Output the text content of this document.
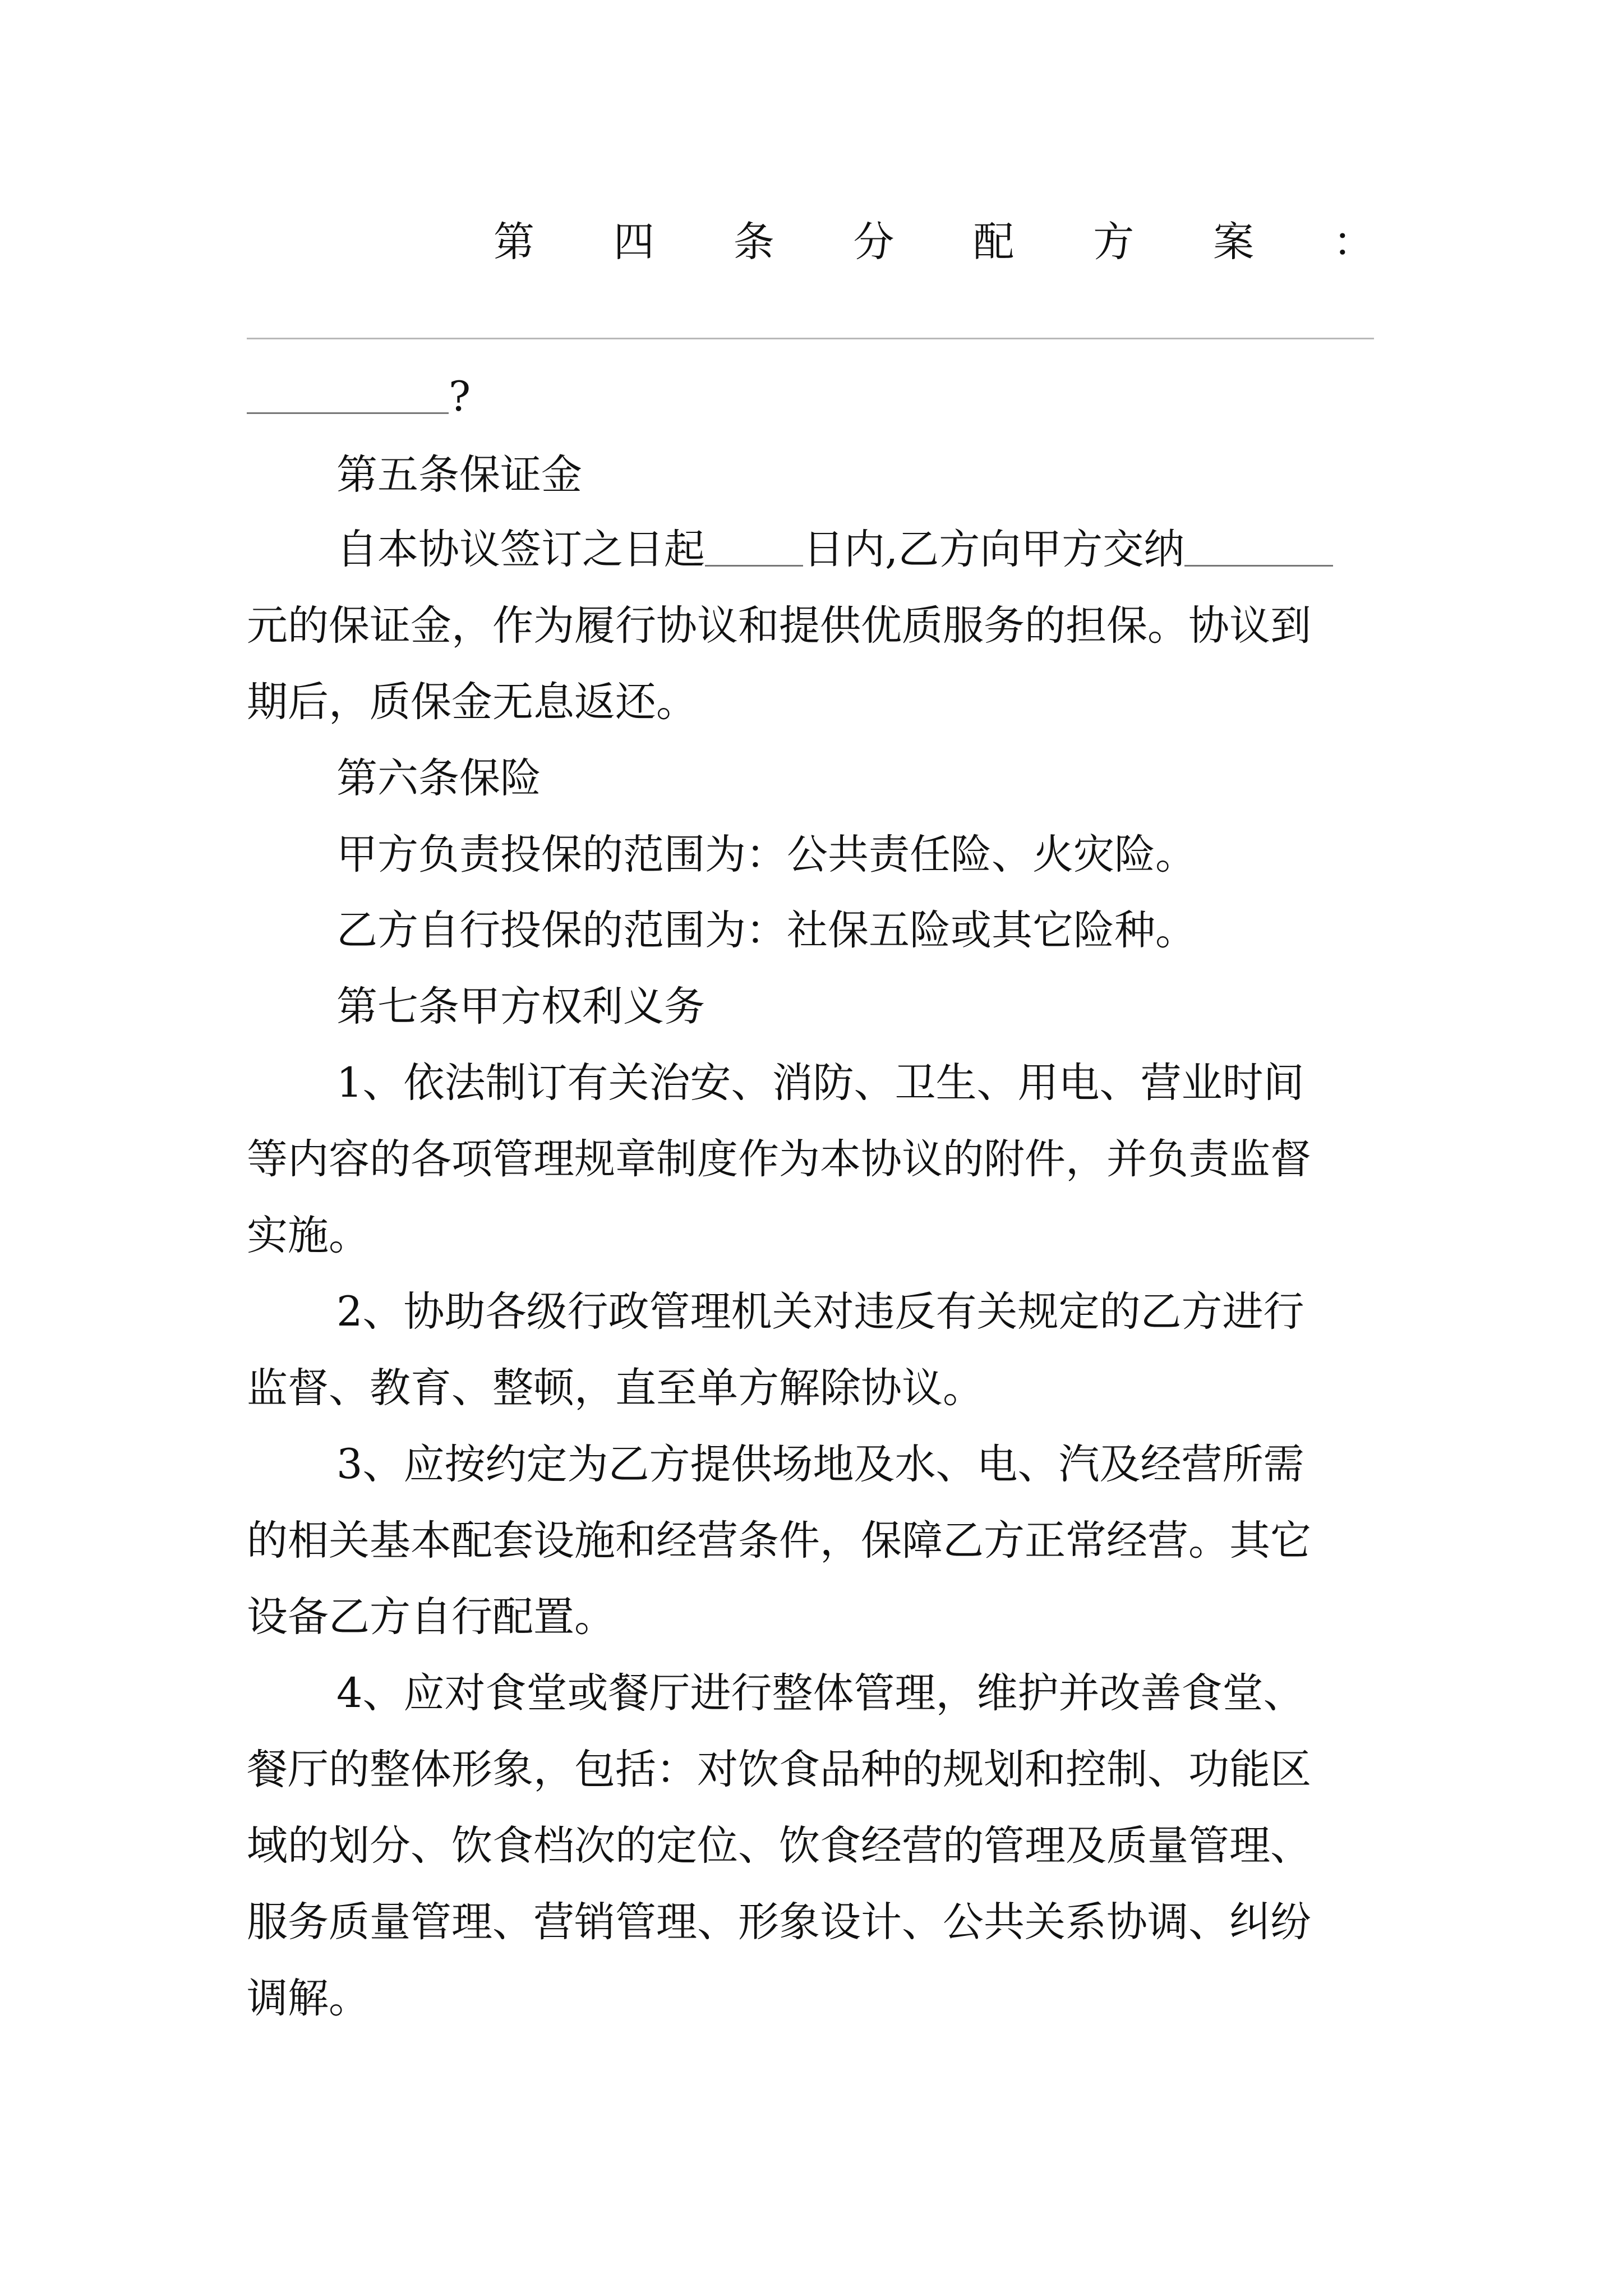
第 四 条 分 配 方 案 ：
?
第五条保证金
自本协议签订之日起 日内,乙方向甲方交纳
元的保证金，作为履行协议和提供优质服务的担保。协议到
期后，质保金无息返还。
第六条保险
甲方负责投保的范围为：公共责任险、火灾险。
乙方自行投保的范围为：社保五险或其它险种。
第七条甲方权利义务
1、依法制订有关治安、消防、卫生、用电、营业时间
等内容的各项管理规章制度作为本协议的附件，并负责监督
实施。
2、协助各级行政管理机关对违反有关规定的乙方进行
监督、教育、整顿，直至单方解除协议。
3、应按约定为乙方提供场地及水、电、汽及经营所需
的相关基本配套设施和经营条件，保障乙方正常经营。其它
设备乙方自行配置。
4、应对食堂或餐厅进行整体管理，维护并改善食堂、
餐厅的整体形象，包括：对饮食品种的规划和控制、功能区
域的划分、饮食档次的定位、饮食经营的管理及质量管理、
服务质量管理、营销管理、形象设计、公共关系协调、纠纷
调解。
